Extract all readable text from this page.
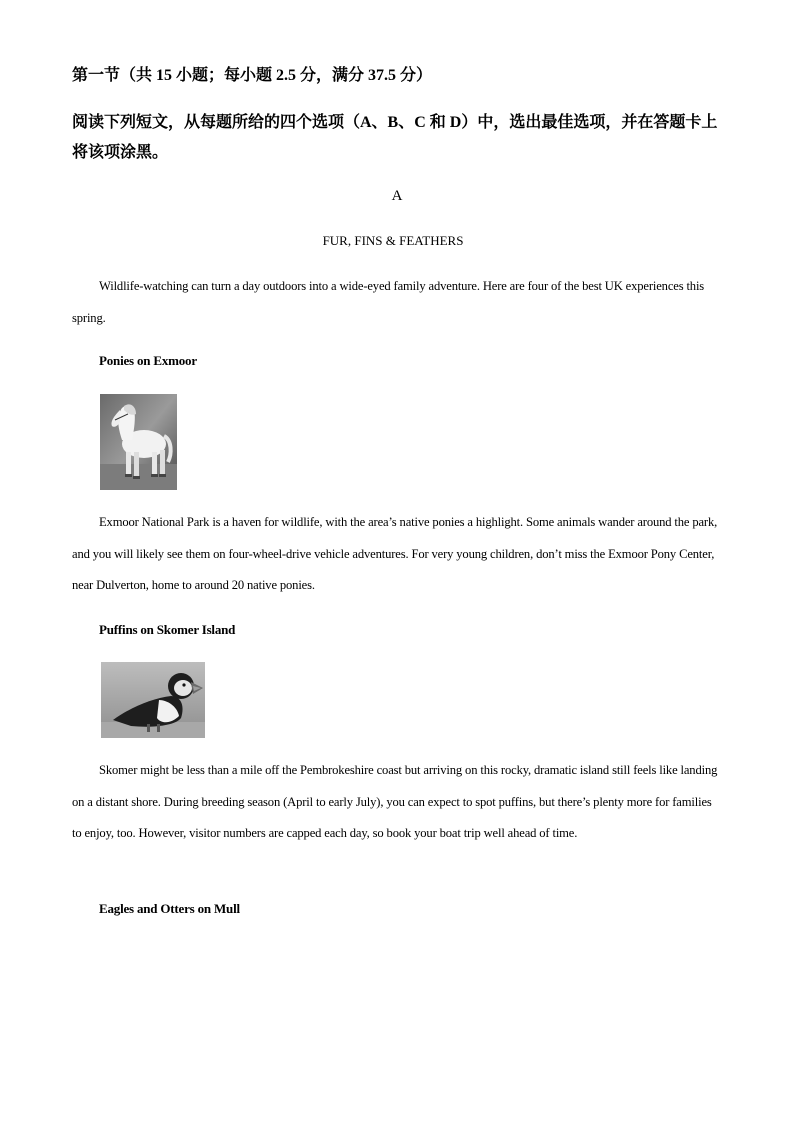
第一节（共 15 小题；每小题 2.5 分，满分 37.5 分）
阅读下列短文，从每题所给的四个选项（A、B、C 和 D）中，选出最佳选项，并在答题卡上将该项涂黑。
A
FUR, FINS & FEATHERS
Wildlife-watching can turn a day outdoors into a wide-eyed family adventure. Here are four of the best UK experiences this spring.
Ponies on Exmoor
Exmoor National Park is a haven for wildlife, with the area’s native ponies a highlight. Some animals wander around the park, and you will likely see them on four-wheel-drive vehicle adventures. For very young children, don’t miss the Exmoor Pony Center, near Dulverton, home to around 20 native ponies.
Puffins on Skomer Island
Skomer might be less than a mile off the Pembrokeshire coast but arriving on this rocky, dramatic island still feels like landing on a distant shore. During breeding season (April to early July), you can expect to spot puffins, but there’s plenty more for families to enjoy, too. However, visitor numbers are capped each day, so book your boat trip well ahead of time.
Eagles and Otters on Mull
